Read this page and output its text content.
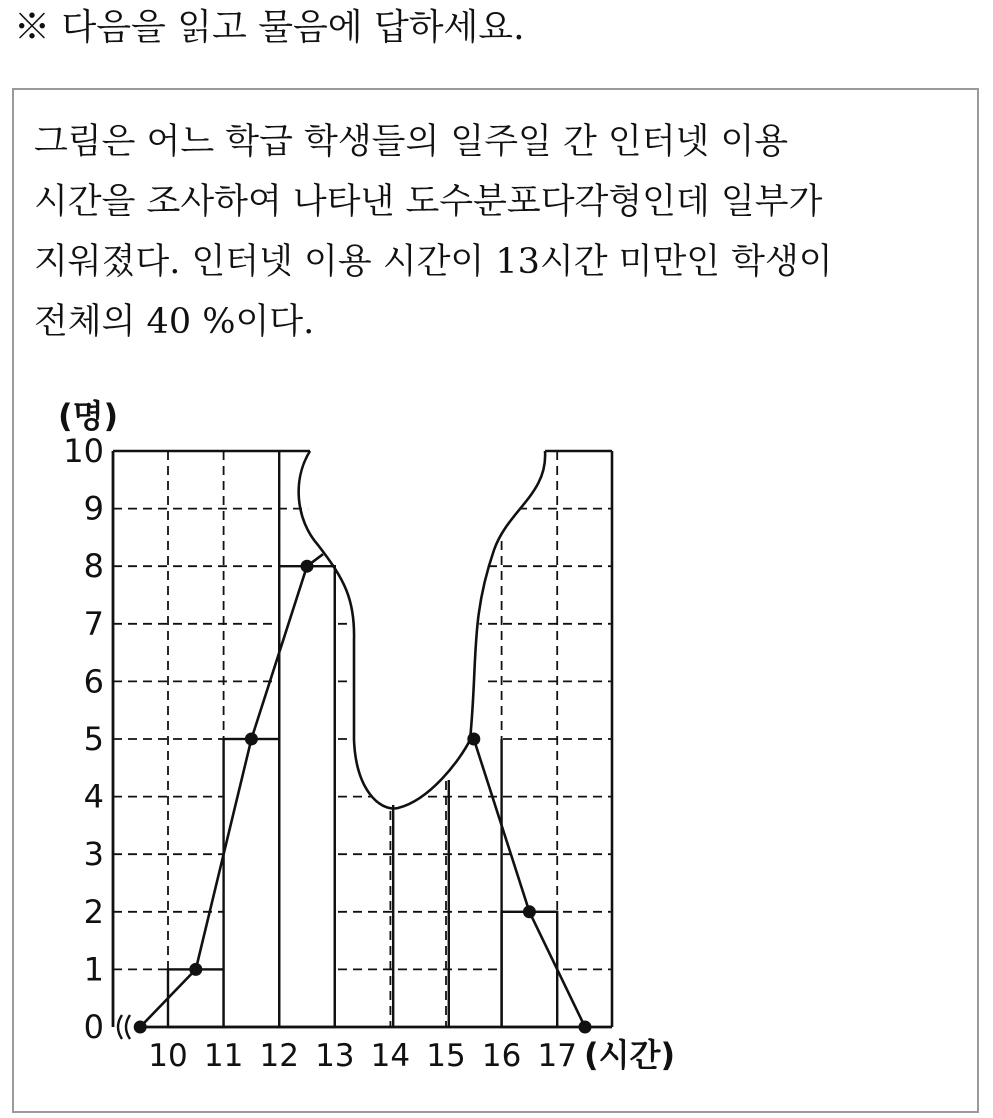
※ 다음을 읽고 물음에 답하세요.
그림은 어느 학급 학생들의 일주일 간 인터넷 이용
시간을 조사하여 나타낸 도수분포다각형인데 일부가
지워졌다. 인터넷 이용 시간이 13시간 미만인 학생이
전체의 40 %이다.
0
1
2
3
4
5
6
7
8
9
10
10 11 12 13 14 15 16 17
(명)
(시간)
